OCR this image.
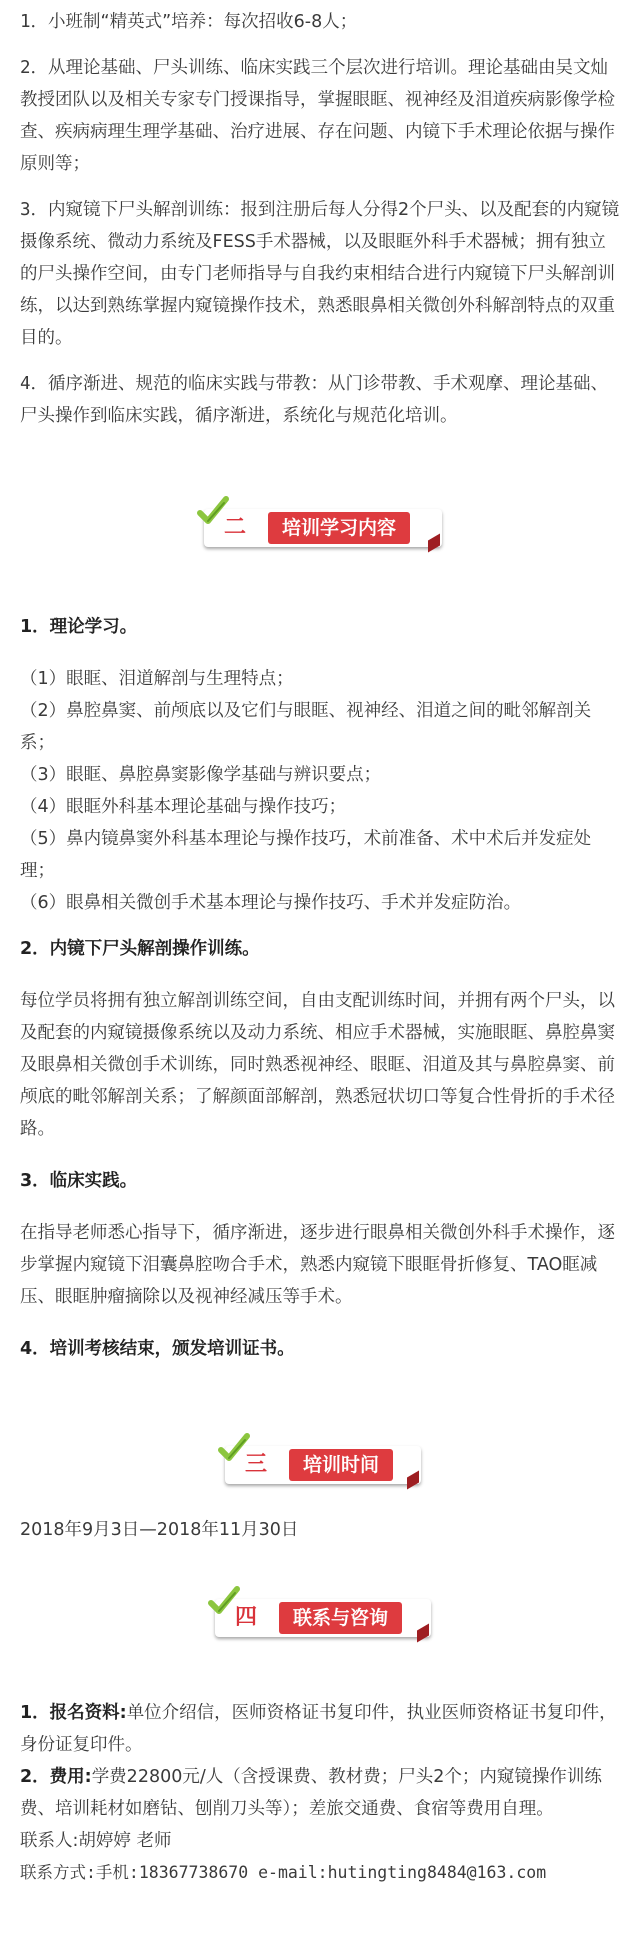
1．小班制“精英式”培养：每次招收6-8人；

2．从理论基础、尸头训练、临床实践三个层次进行培训。理论基础由吴文灿教授团队以及相关专家专门授课指导，掌握眼眶、视神经及泪道疾病影像学检查、疾病病理生理学基础、治疗进展、存在问题、内镜下手术理论依据与操作原则等；

3．内窥镜下尸头解剖训练：报到注册后每人分得2个尸头、以及配套的内窥镜摄像系统、微动力系统及FESS手术器械，以及眼眶外科手术器械；拥有独立的尸头操作空间，由专门老师指导与自我约束相结合进行内窥镜下尸头解剖训练，以达到熟练掌握内窥镜操作技术，熟悉眼鼻相关微创外科解剖特点的双重目的。

4．循序渐进、规范的临床实践与带教：从门诊带教、手术观摩、理论基础、尸头操作到临床实践，循序渐进，系统化与规范化培训。

二	培训学习内容

1．理论学习。

（1）眼眶、泪道解剖与生理特点；

（2）鼻腔鼻窦、前颅底以及它们与眼眶、视神经、泪道之间的毗邻解剖关系；

（3）眼眶、鼻腔鼻窦影像学基础与辨识要点；

（4）眼眶外科基本理论基础与操作技巧；

（5）鼻内镜鼻窦外科基本理论与操作技巧，术前准备、术中术后并发症处理；

（6）眼鼻相关微创手术基本理论与操作技巧、手术并发症防治。

2．内镜下尸头解剖操作训练。

每位学员将拥有独立解剖训练空间，自由支配训练时间，并拥有两个尸头，以及配套的内窥镜摄像系统以及动力系统、相应手术器械，实施眼眶、鼻腔鼻窦及眼鼻相关微创手术训练，同时熟悉视神经、眼眶、泪道及其与鼻腔鼻窦、前颅底的毗邻解剖关系；了解颜面部解剖，熟悉冠状切口等复合性骨折的手术径路。

3．临床实践。

在指导老师悉心指导下，循序渐进，逐步进行眼鼻相关微创外科手术操作，逐步掌握内窥镜下泪囊鼻腔吻合手术，熟悉内窥镜下眼眶骨折修复、TAO眶减压、眼眶肿瘤摘除以及视神经减压等手术。

4．培训考核结束，颁发培训证书。

三	培训时间

2018年9月3日—2018年11月30日

四	联系与咨询

1．报名资料:单位介绍信，医师资格证书复印件，执业医师资格证书复印件，身份证复印件。

2．费用:学费22800元/人（含授课费、教材费；尸头2个；内窥镜操作训练费、培训耗材如磨钻、刨削刀头等）；差旅交通费、食宿等费用自理。

联系人:胡婷婷 老师

联系方式:手机:18367738670 e-mail:hutingting8484@163.com
